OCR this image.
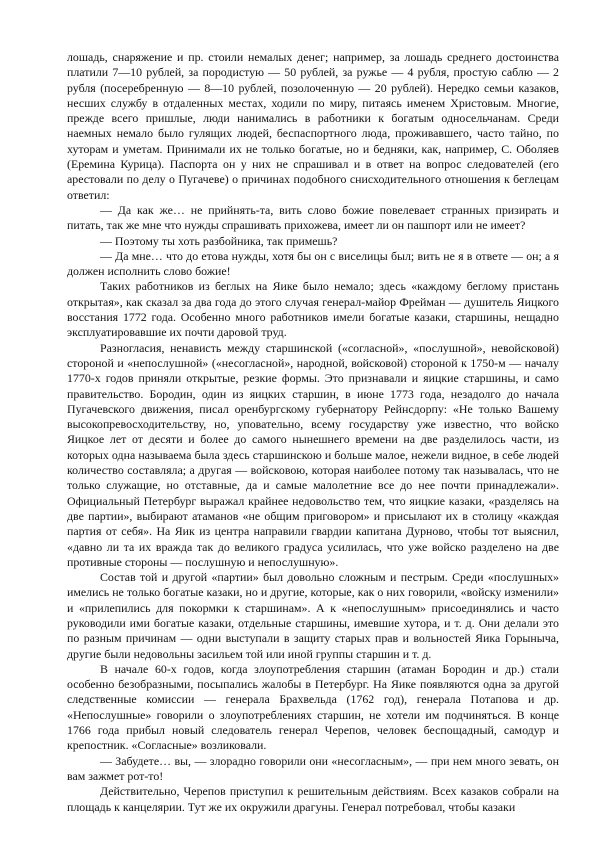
лошадь, снаряжение и пр. стоили немалых денег; например, за лошадь среднего достоинства платили 7—10 рублей, за породистую — 50 рублей, за ружье — 4 рубля, простую саблю — 2 рубля (посеребренную — 8—10 рублей, позолоченную — 20 рублей). Нередко семьи казаков, несших службу в отдаленных местах, ходили по миру, питаясь именем Христовым. Многие, прежде всего пришлые, люди нанимались в работники к богатым односельчанам. Среди наемных немало было гулящих людей, беспаспортного люда, проживавшего, часто тайно, по хуторам и уметам. Принимали их не только богатые, но и бедняки, как, например, С. Оболяев (Еремина Курица). Паспорта он у них не спрашивал и в ответ на вопрос следователей (его арестовали по делу о Пугачеве) о причинах подобного снисходительного отношения к беглецам ответил:

— Да как же… не прийнять-та, вить слово божие повелевает странных призирать и питать, так же мне что нужды спрашивать прихожева, имеет ли он пашпорт или не имеет?

— Поэтому ты хоть разбойника, так примешь?

— Да мне… что до етова нужды, хотя бы он с виселицы был; вить не я в ответе — он; а я должен исполнить слово божие!

Таких работников из беглых на Яике было немало; здесь «каждому беглому пристань открытая», как сказал за два года до этого случая генерал-майор Фрейман — душитель Яицкого восстания 1772 года. Особенно много работников имели богатые казаки, старшины, нещадно эксплуатировавшие их почти даровой труд.

Разногласия, ненависть между старшинской («согласной», «послушной», невойсковой) стороной и «непослушной» («несогласной», народной, войсковой) стороной к 1750-м — началу 1770-х годов приняли открытые, резкие формы. Это признавали и яицкие старшины, и само правительство. Бородин, один из яицких старшин, в июне 1773 года, незадолго до начала Пугачевского движения, писал оренбургскому губернатору Рейнсдорпу: «Не только Вашему высокопревосходительству, но, уповательно, всему государству уже известно, что войско Яицкое лет от десяти и более до самого нынешнего времени на две разделилось части, из которых одна называема была здесь старшинскою и больше малое, нежели видное, в себе людей количество составляла; а другая — войсковою, которая наиболее потому так называлась, что не только служащие, но отставные, да и самые малолетние все до нее почти принадлежали». Официальный Петербург выражал крайнее недовольство тем, что яицкие казаки, «разделясь на две партии», выбирают атаманов «не общим приговором» и присылают их в столицу «каждая партия от себя». На Яик из центра направили гвардии капитана Дурново, чтобы тот выяснил, «давно ли та их вражда так до великого градуса усилилась, что уже войско разделено на две противные стороны — послушную и непослушную».

Состав той и другой «партии» был довольно сложным и пестрым. Среди «послушных» имелись не только богатые казаки, но и другие, которые, как о них говорили, «войску изменили» и «прилепились для покормки к старшинам». А к «непослушным» присоединялись и часто руководили ими богатые казаки, отдельные старшины, имевшие хутора, и т. д. Они делали это по разным причинам — одни выступали в защиту старых прав и вольностей Яика Горыныча, другие были недовольны засильем той или иной группы старшин и т. д.

В начале 60-х годов, когда злоупотребления старшин (атаман Бородин и др.) стали особенно безобразными, посыпались жалобы в Петербург. На Яике появляются одна за другой следственные комиссии — генерала Брахвельда (1762 год), генерала Потапова и др. «Непослушные» говорили о злоупотреблениях старшин, не хотели им подчиняться. В конце 1766 года прибыл новый следователь генерал Черепов, человек беспощадный, самодур и крепостник. «Согласные» возликовали.

— Забудете… вы, — злорадно говорили они «несогласным», — при нем много зевать, он вам зажмет рот-то!

Действительно, Черепов приступил к решительным действиям. Всех казаков собрали на площадь к канцелярии. Тут же их окружили драгуны. Генерал потребовал, чтобы казаки
